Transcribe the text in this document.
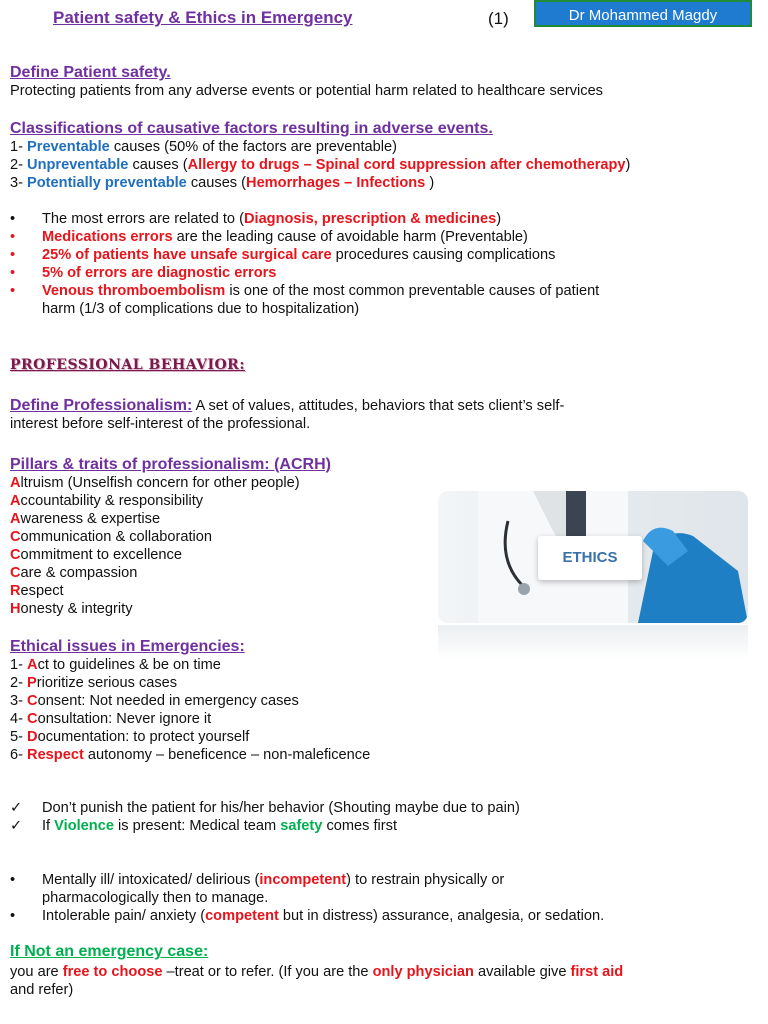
Patient safety & Ethics in Emergency	(1)	Dr Mohammed Magdy
Define Patient safety.
Protecting patients from any adverse events or potential harm related to healthcare services
Classifications of causative factors resulting in adverse events.
1- Preventable causes (50% of the factors are preventable)
2- Unpreventable causes (Allergy to drugs – Spinal cord suppression after chemotherapy)
3- Potentially preventable causes (Hemorrhages – Infections )
• The most errors are related to (Diagnosis, prescription & medicines)
• Medications errors are the leading cause of avoidable harm (Preventable)
• 25% of patients have unsafe surgical care procedures causing complications
• 5% of errors are diagnostic errors
• Venous thromboembolism is one of the most common preventable causes of patient
harm (1/3 of complications due to hospitalization)
PROFESSIONAL BEHAVIOR:
Define Professionalism: A set of values, attitudes, behaviors that sets client’s self-
interest before self-interest of the professional.
Pillars & traits of professionalism: (ACRH)
Altruism (Unselfish concern for other people)
Accountability & responsibility
Awareness & expertise
Communication & collaboration
Commitment to excellence
Care & compassion
Respect
Honesty & integrity
Ethical issues in Emergencies:
1- Act to guidelines & be on time
2- Prioritize serious cases
3- Consent: Not needed in emergency cases
4- Consultation: Never ignore it
5- Documentation: to protect yourself
6- Respect autonomy – beneficence – non-maleficence
✓ Don’t punish the patient for his/her behavior (Shouting maybe due to pain)
✓ If Violence is present: Medical team safety comes first
• Mentally ill/ intoxicated/ delirious (incompetent) to restrain physically or
pharmacologically then to manage.
• Intolerable pain/ anxiety (competent but in distress) assurance, analgesia, or sedation.
If Not an emergency case:
you are free to choose –treat or to refer. (If you are the only physician available give first aid
and refer)
ETHICS
